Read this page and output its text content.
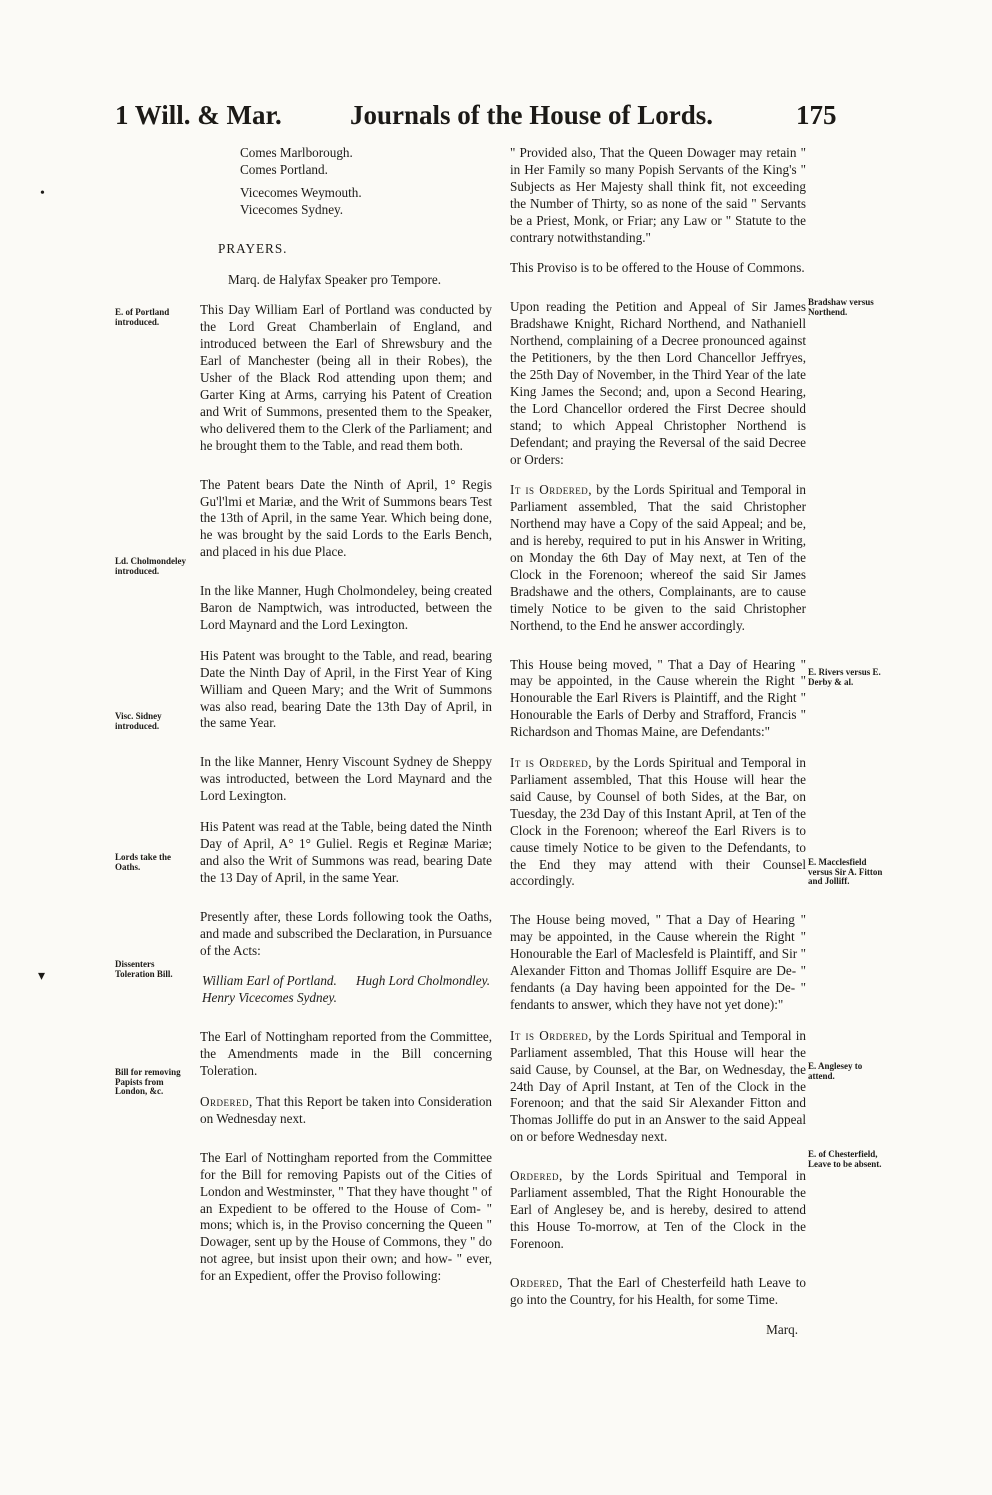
1 Will. & Mar.	Journals of the House of Lords.	175
•
▾
Comes Marlborough.
Comes Portland.
Vicecomes Weymouth.
Vicecomes Sydney.

PRAYERS.

Marq. de Halyfax Speaker pro Tempore.

This Day William Earl of Portland was conducted by the Lord Great Chamberlain of England, and introduced between the Earl of Shrewsbury and the Earl of Manchester (being all in their Robes), the Usher of the Black Rod attending upon them; and Garter King at Arms, carrying his Patent of Creation and Writ of Summons, presented them to the Speaker, who delivered them to the Clerk of the Parliament; and he brought them to the Table, and read them both.

The Patent bears Date the Ninth of April, 1° Regis Gu'l'lmi et Mariæ, and the Writ of Summons bears Test the 13th of April, in the same Year. Which being done, he was brought by the said Lords to the Earls Bench, and placed in his due Place.

In the like Manner, Hugh Cholmondeley, being created Baron de Namptwich, was introducted, between the Lord Maynard and the Lord Lexington.

His Patent was brought to the Table, and read, bearing Date the Ninth Day of April, in the First Year of King William and Queen Mary; and the Writ of Summons was also read, bearing Date the 13th Day of April, in the same Year.

In the like Manner, Henry Viscount Sydney de Sheppy was introducted, between the Lord Maynard and the Lord Lexington.

His Patent was read at the Table, being dated the Ninth Day of April, A° 1° Guliel. Regis et Reginæ Mariæ; and also the Writ of Summons was read, bearing Date the 13 Day of April, in the same Year.

Presently after, these Lords following took the Oaths, and made and subscribed the Declaration, in Pursuance of the Acts:

William Earl of Portland. Hugh Lord Cholmondley.
Henry Vicecomes Sydney.

The Earl of Nottingham reported from the Committee, the Amendments made in the Bill concerning Toleration.

Ordered, That this Report be taken into Consideration on Wednesday next.

The Earl of Nottingham reported from the Committee for the Bill for removing Papists out of the Cities of London and Westminster, " That they have thought " of an Expedient to be offered to the House of Com- " mons; which is, in the Proviso concerning the Queen " Dowager, sent up by the House of Commons, they " do not agree, but insist upon their own; and how- " ever, for an Expedient, offer the Proviso following:

" Provided also, That the Queen Dowager may retain " in Her Family so many Popish Servants of the King's " Subjects as Her Majesty shall think fit, not exceeding the Number of Thirty, so as none of the said " Servants be a Priest, Monk, or Friar; any Law or " Statute to the contrary notwithstanding."

This Proviso is to be offered to the House of Commons.

Upon reading the Petition and Appeal of Sir James Bradshawe Knight, Richard Northend, and Nathaniell Northend, complaining of a Decree pronounced against the Petitioners, by the then Lord Chancellor Jeffryes, the 25th Day of November, in the Third Year of the late King James the Second; and, upon a Second Hearing, the Lord Chancellor ordered the First Decree should stand; to which Appeal Christopher Northend is Defendant; and praying the Reversal of the said Decree or Orders:

It is Ordered, by the Lords Spiritual and Temporal in Parliament assembled, That the said Christopher Northend may have a Copy of the said Appeal; and be, and is hereby, required to put in his Answer in Writing, on Monday the 6th Day of May next, at Ten of the Clock in the Forenoon; whereof the said Sir James Bradshawe and the others, Complainants, are to cause timely Notice to be given to the said Christopher Northend, to the End he answer accordingly.

This House being moved, " That a Day of Hearing " may be appointed, in the Cause wherein the Right " Honourable the Earl Rivers is Plaintiff, and the Right " Honourable the Earls of Derby and Strafford, Francis " Richardson and Thomas Maine, are Defendants:"

It is Ordered, by the Lords Spiritual and Temporal in Parliament assembled, That this House will hear the said Cause, by Counsel of both Sides, at the Bar, on Tuesday, the 23d Day of this Instant April, at Ten of the Clock in the Forenoon; whereof the Earl Rivers is to cause timely Notice to be given to the Defendants, to the End they may attend with their Counsel accordingly.

The House being moved, " That a Day of Hearing " may be appointed, in the Cause wherein the Right " Honourable the Earl of Maclesfeld is Plaintiff, and Sir " Alexander Fitton and Thomas Jolliff Esquire are De- " fendants (a Day having been appointed for the De- " fendants to answer, which they have not yet done):"

It is Ordered, by the Lords Spiritual and Temporal in Parliament assembled, That this House will hear the said Cause, by Counsel, at the Bar, on Wednesday, the 24th Day of April Instant, at Ten of the Clock in the Forenoon; and that the said Sir Alexander Fitton and Thomas Jolliffe do put in an Answer to the said Appeal on or before Wednesday next.

Ordered, by the Lords Spiritual and Temporal in Parliament assembled, That the Right Honourable the Earl of Anglesey be, and is hereby, desired to attend this House To-morrow, at Ten of the Clock in the Forenoon.

Ordered, That the Earl of Chesterfeild hath Leave to go into the Country, for his Health, for some Time.

Marq.

E. of Portland introduced.
Ld. Cholmondeley introduced.
Visc. Sidney introduced.
Lords take the Oaths.
Dissenters Toleration Bill.
Bill for removing Papists from London, &c.
Bradshaw versus Northend.
E. Rivers versus E. Derby & al.
E. Macclesfield versus Sir A. Fitton and Jolliff.
E. Anglesey to attend.
E. of Chesterfield, Leave to be absent.
